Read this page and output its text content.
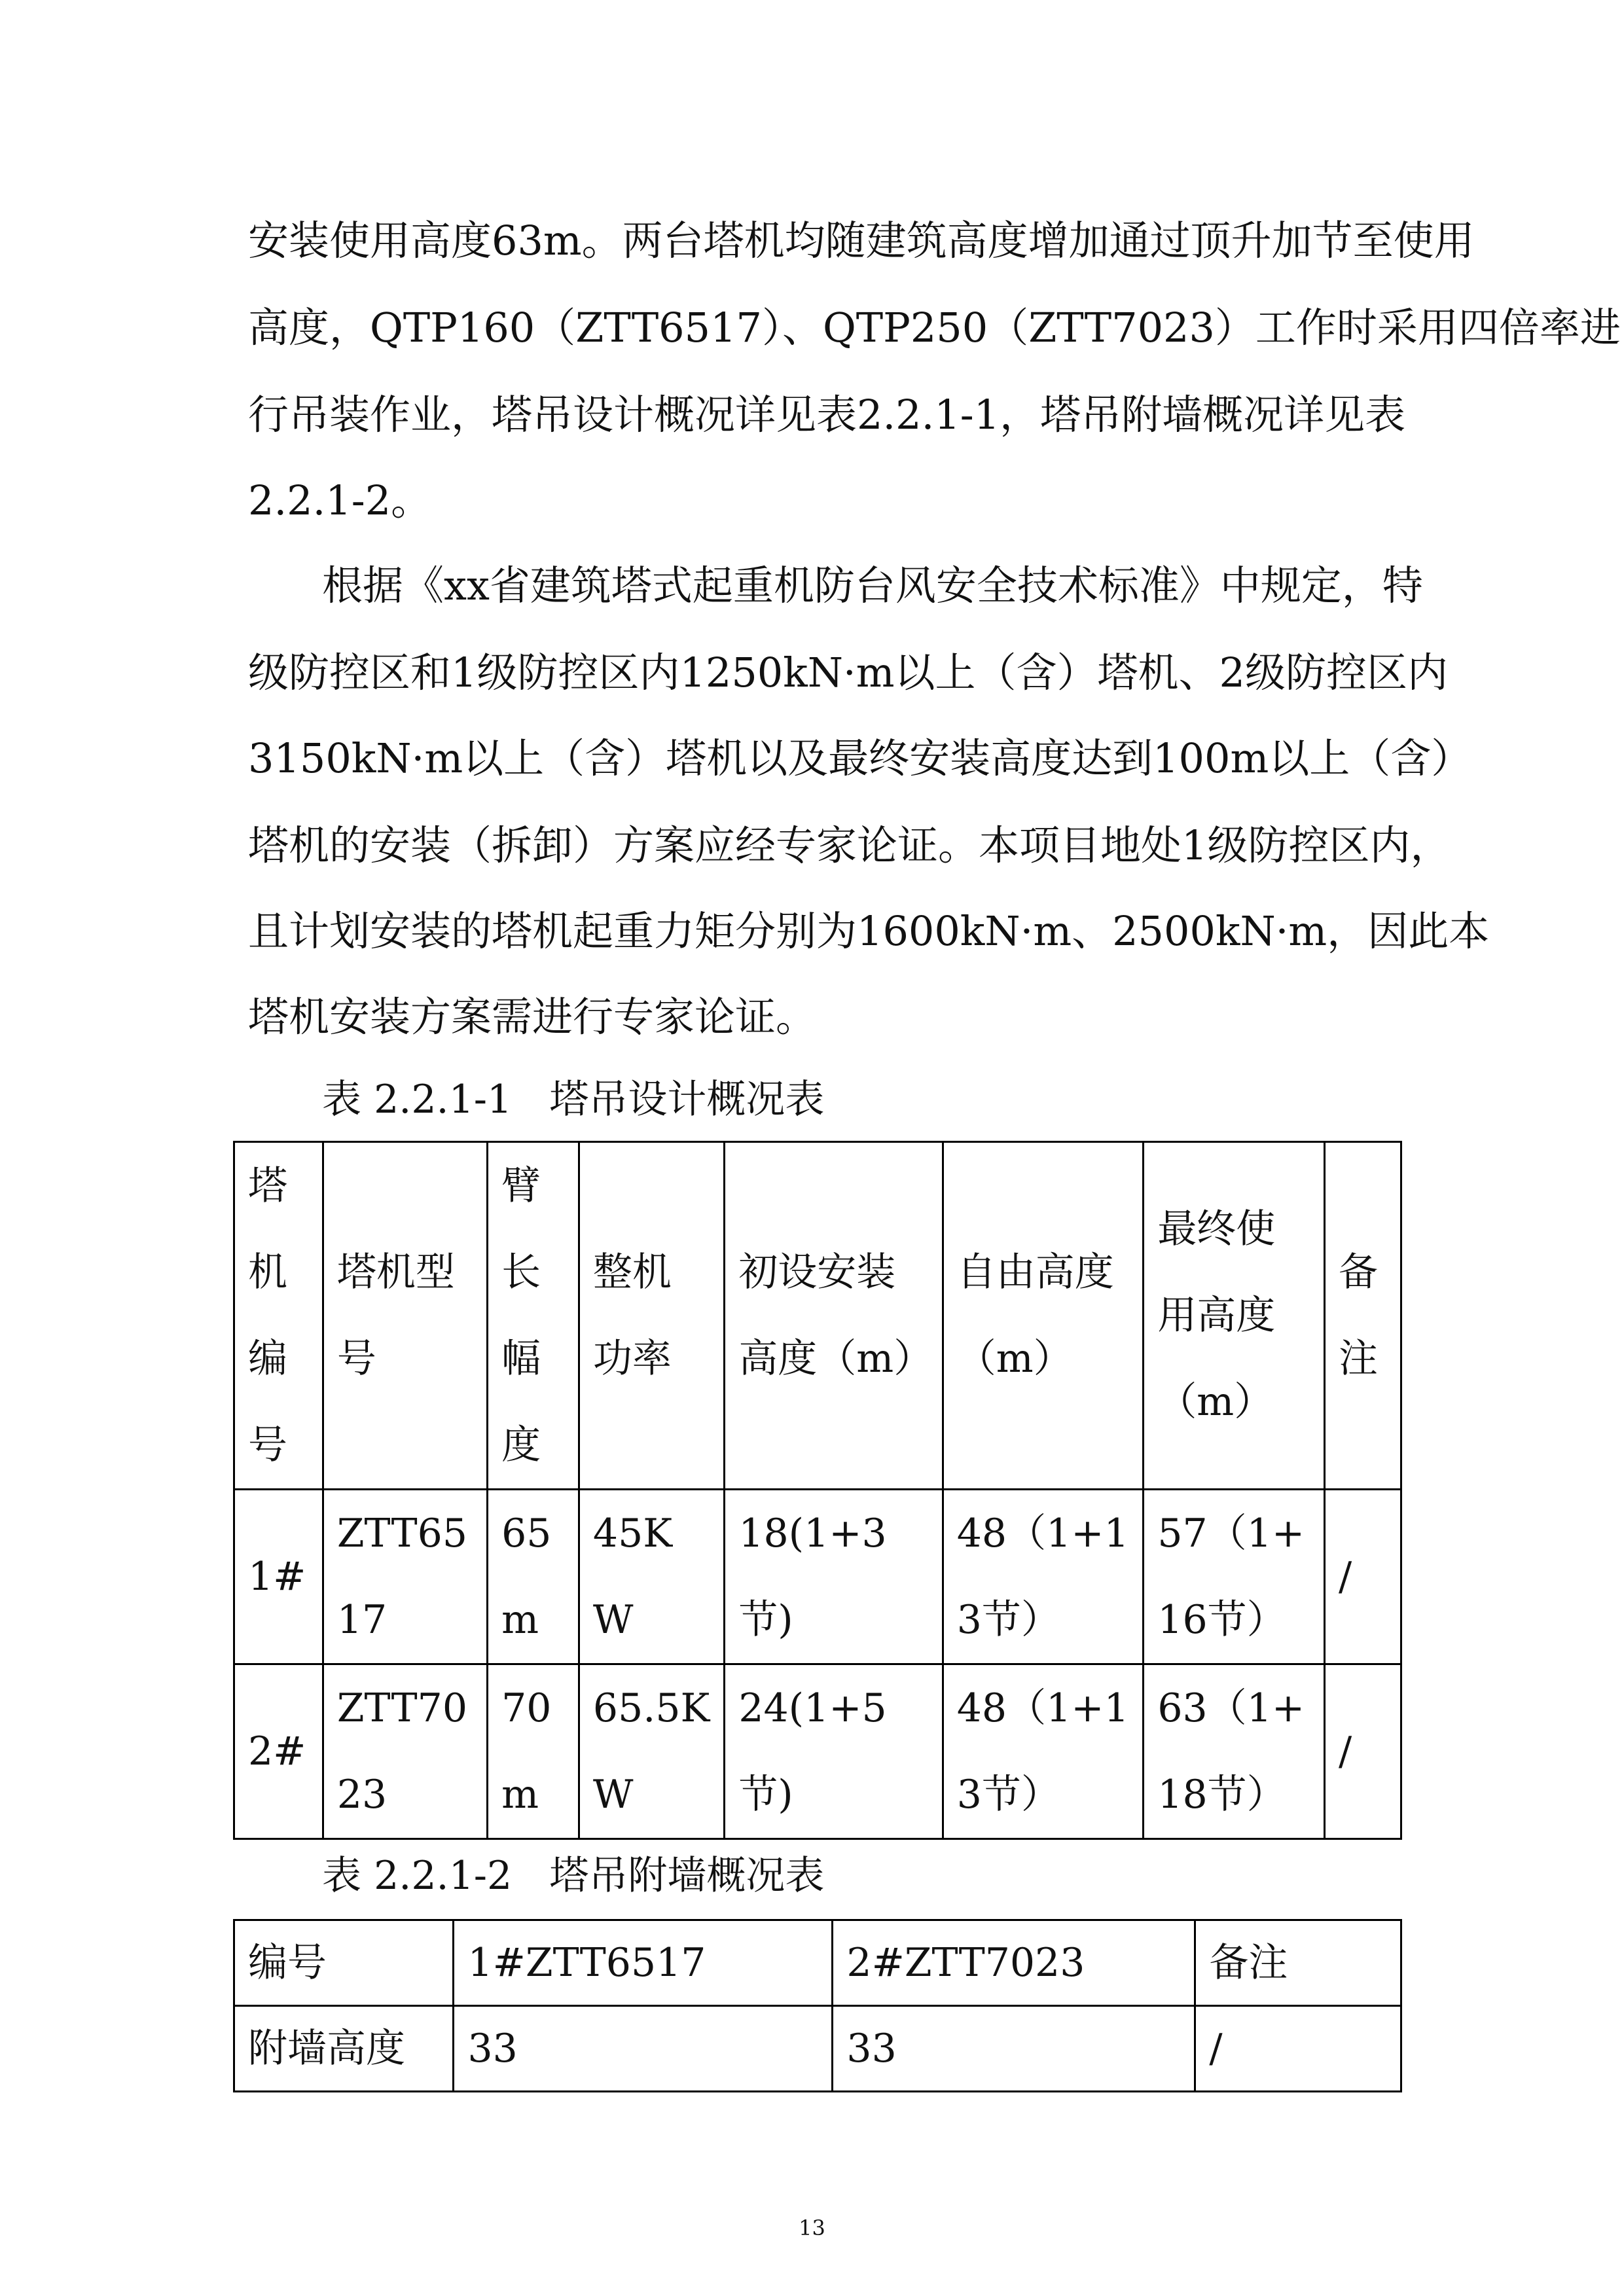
安装使用高度63m。两台塔机均随建筑高度增加通过顶升加节至使用
高度，QTP160（ZTT6517）、QTP250（ZTT7023）工作时采用四倍率进
行吊装作业，塔吊设计概况详见表2.2.1-1，塔吊附墙概况详见表
2.2.1-2。
根据《xx省建筑塔式起重机防台风安全技术标准》中规定，特
级防控区和1级防控区内1250kN·m以上（含）塔机、2级防控区内
3150kN·m以上（含）塔机以及最终安装高度达到100m以上（含）
塔机的安装（拆卸）方案应经专家论证。本项目地处1级防控区内，
且计划安装的塔机起重力矩分别为1600kN·m、2500kN·m，因此本
塔机安装方案需进行专家论证。
表 2.2.1-1   塔吊设计概况表
塔机编号	塔机型号	臂长幅度	整机功率	初设安装高度（m）	自由高度（m）	最终使用高度（m）	备注
1#	ZTT6517	65m	45KW	18(1+3节)	48（1+13节）	57（1+16节）	/
2#	ZTT7023	70m	65.5KW	24(1+5节)	48（1+13节）	63（1+18节）	/
表 2.2.1-2   塔吊附墙概况表
编号	1#ZTT6517	2#ZTT7023	备注
附墙高度	33	33	/
13
